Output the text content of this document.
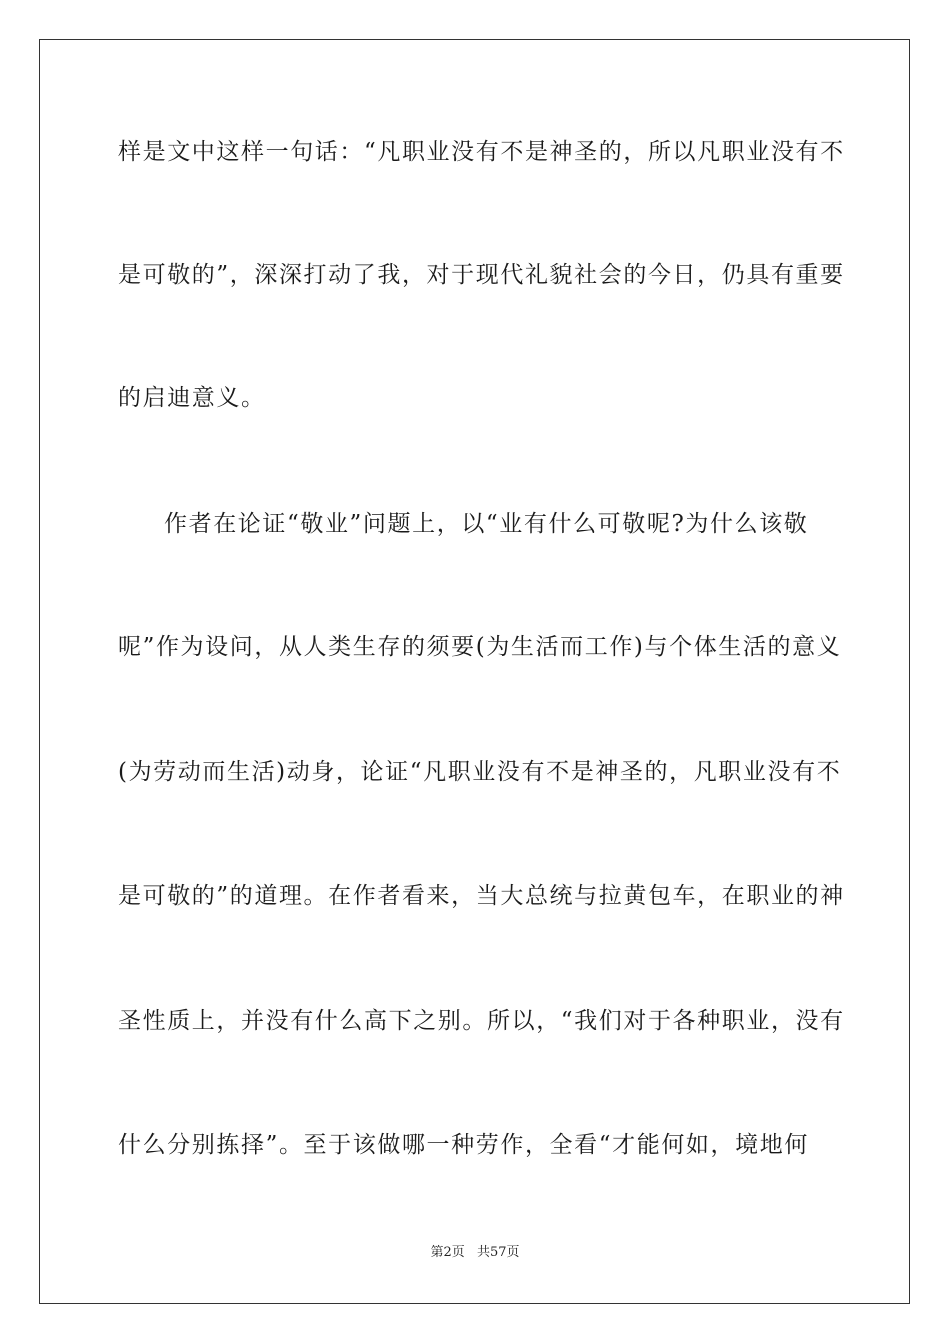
样是文中这样一句话：“凡职业没有不是神圣的，所以凡职业没有不
是可敬的”，深深打动了我，对于现代礼貌社会的今日，仍具有重要
的启迪意义。
作者在论证“敬业”问题上，以“业有什么可敬呢?为什么该敬
呢”作为设问，从人类生存的须要(为生活而工作)与个体生活的意义
(为劳动而生活)动身，论证“凡职业没有不是神圣的，凡职业没有不
是可敬的”的道理。在作者看来，当大总统与拉黄包车，在职业的神
圣性质上，并没有什么高下之别。所以，“我们对于各种职业，没有
什么分别拣择”。至于该做哪一种劳作，全看“才能何如，境地何
第2页 共57页
